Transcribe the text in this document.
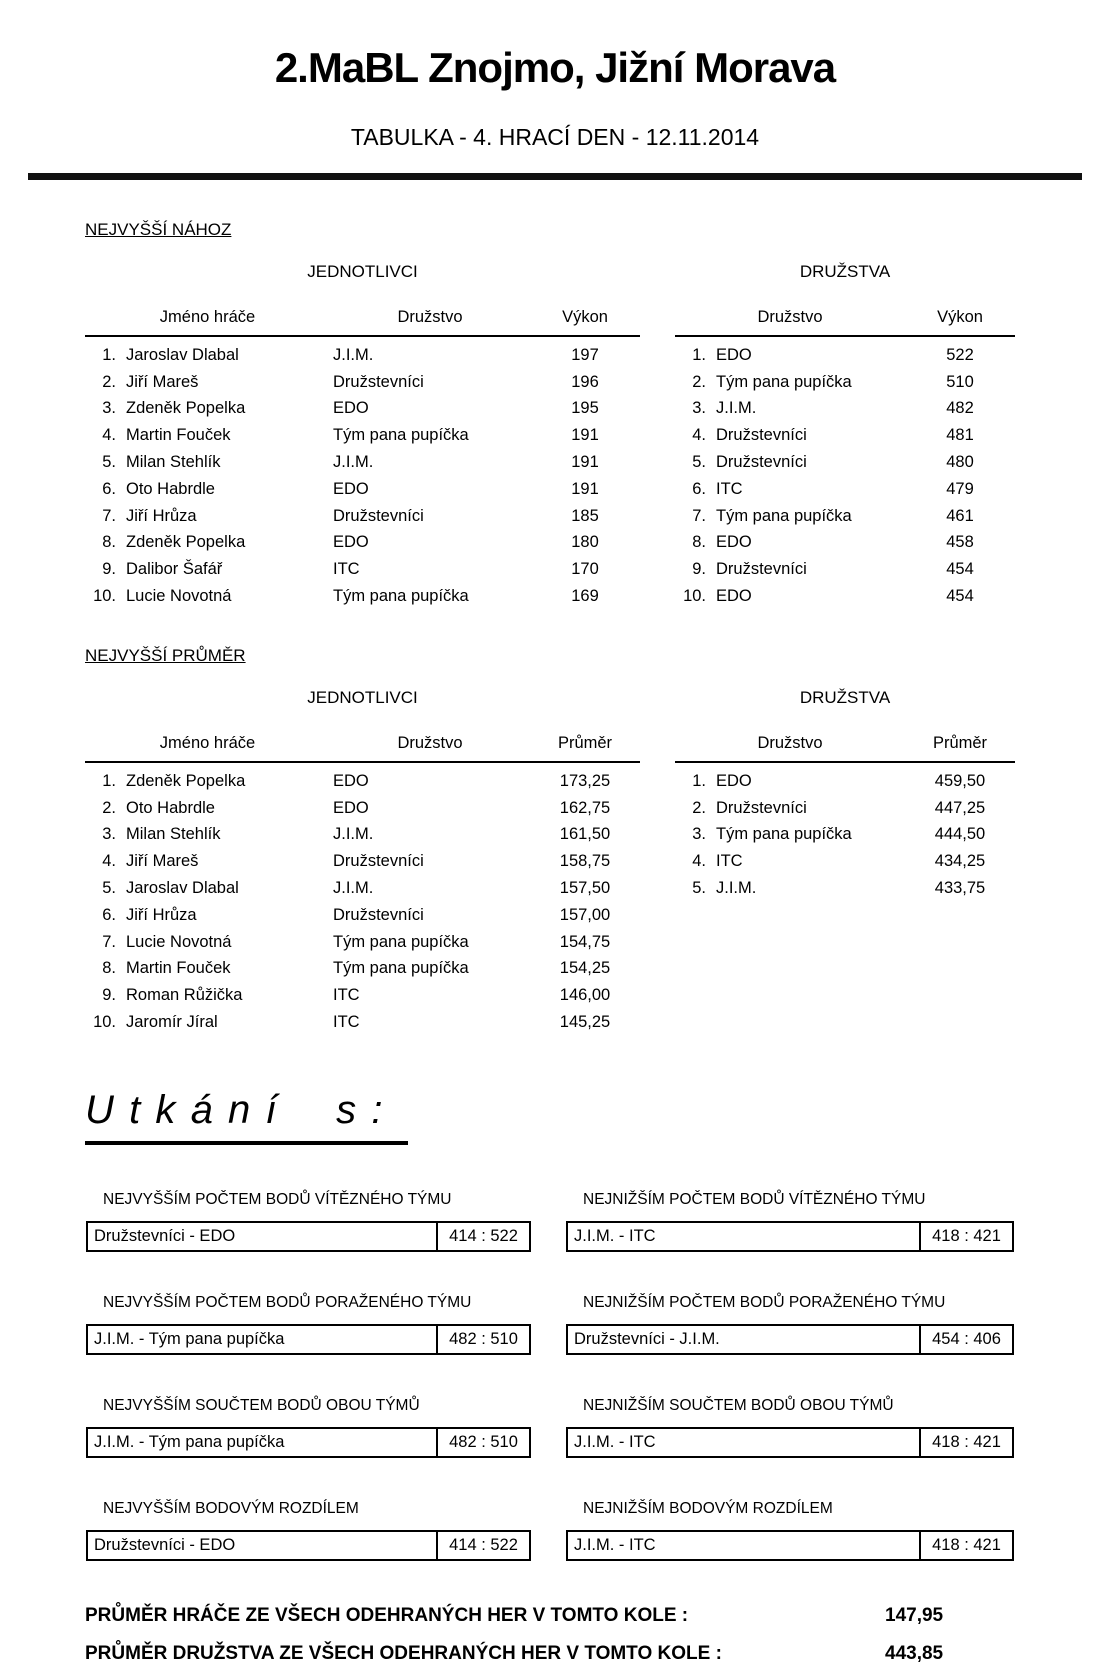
2.MaBL Znojmo, Jižní Morava
TABULKA - 4. HRACÍ DEN - 12.11.2014
NEJVYŠŠÍ NÁHOZ
JEDNOTLIVCI
Jméno hráče	Družstvo	Výkon
1. Jaroslav Dlabal	J.I.M.	197
2. Jiří Mareš	Družstevníci	196
3. Zdeněk Popelka	EDO	195
4. Martin Fouček	Tým pana pupíčka	191
5. Milan Stehlík	J.I.M.	191
6. Oto Habrdle	EDO	191
7. Jiří Hrůza	Družstevníci	185
8. Zdeněk Popelka	EDO	180
9. Dalibor Šafář	ITC	170
10. Lucie Novotná	Tým pana pupíčka	169
DRUŽSTVA
Družstvo	Výkon
1. EDO	522
2. Tým pana pupíčka	510
3. J.I.M.	482
4. Družstevníci	481
5. Družstevníci	480
6. ITC	479
7. Tým pana pupíčka	461
8. EDO	458
9. Družstevníci	454
10. EDO	454
NEJVYŠŠÍ PRŮMĚR
JEDNOTLIVCI
Jméno hráče	Družstvo	Průměr
1. Zdeněk Popelka	EDO	173,25
2. Oto Habrdle	EDO	162,75
3. Milan Stehlík	J.I.M.	161,50
4. Jiří Mareš	Družstevníci	158,75
5. Jaroslav Dlabal	J.I.M.	157,50
6. Jiří Hrůza	Družstevníci	157,00
7. Lucie Novotná	Tým pana pupíčka	154,75
8. Martin Fouček	Tým pana pupíčka	154,25
9. Roman Růžička	ITC	146,00
10. Jaromír Jíral	ITC	145,25
DRUŽSTVA
Družstvo	Průměr
1. EDO	459,50
2. Družstevníci	447,25
3. Tým pana pupíčka	444,50
4. ITC	434,25
5. J.I.M.	433,75
Utkání s:
NEJVYŠŠÍM POČTEM BODŮ VÍTĚZNÉHO TÝMU
Družstevníci - EDO	414 : 522
NEJNIŽŠÍM POČTEM BODŮ VÍTĚZNÉHO TÝMU
J.I.M. - ITC	418 : 421
NEJVYŠŠÍM POČTEM BODŮ PORAŽENÉHO TÝMU
J.I.M. - Tým pana pupíčka	482 : 510
NEJNIŽŠÍM POČTEM BODŮ PORAŽENÉHO TÝMU
Družstevníci - J.I.M.	454 : 406
NEJVYŠŠÍM SOUČTEM BODŮ OBOU TÝMŮ
J.I.M. - Tým pana pupíčka	482 : 510
NEJNIŽŠÍM SOUČTEM BODŮ OBOU TÝMŮ
J.I.M. - ITC	418 : 421
NEJVYŠŠÍM BODOVÝM ROZDÍLEM
Družstevníci - EDO	414 : 522
NEJNIŽŠÍM BODOVÝM ROZDÍLEM
J.I.M. - ITC	418 : 421
PRŮMĚR HRÁČE ZE VŠECH ODEHRANÝCH HER V TOMTO KOLE :	147,95
PRŮMĚR DRUŽSTVA ZE VŠECH ODEHRANÝCH HER V TOMTO KOLE :	443,85
